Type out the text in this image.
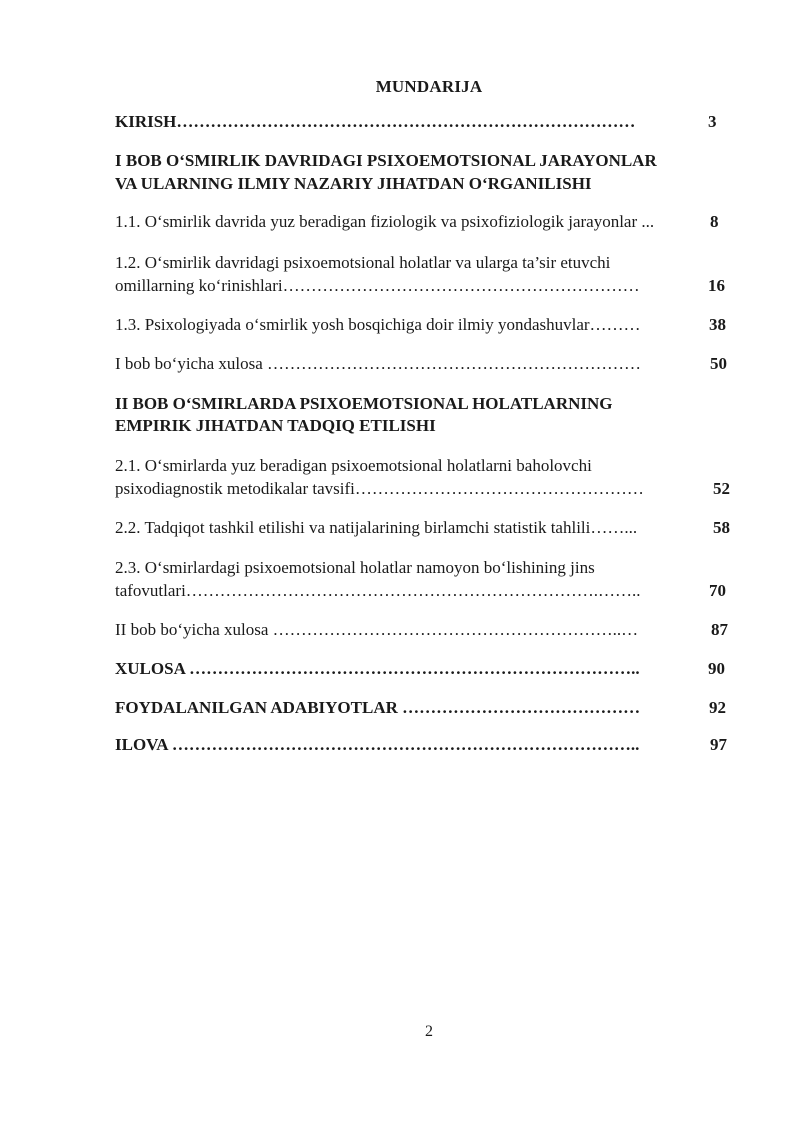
MUNDARIJA
KIRISH………………………………………………………………………	3
I BOB O‘SMIRLIK DAVRIDAGI PSIXOEMOTSIONAL JARAYONLAR
VA ULARNING ILMIY NAZARIY JIHATDAN O‘RGANILISHI
1.1. O‘smirlik davrida yuz beradigan fiziologik va psixofiziologik jarayonlar ...	8
1.2. O‘smirlik davridagi psixoemotsional holatlar va ularga ta’sir etuvchi
omillarning ko‘rinishlari………………………………………………………	16
1.3. Psixologiyada o‘smirlik yosh bosqichiga doir ilmiy yondashuvlar………	38
I bob bo‘yicha xulosa …………………………………………………………	50
II BOB O‘SMIRLARDA PSIXOEMOTSIONAL HOLATLARNING
EMPIRIK JIHATDAN TADQIQ ETILISHI
2.1. O‘smirlarda yuz beradigan psixoemotsional holatlarni baholovchi
psixodiagnostik metodikalar tavsifi……………………………………………	52
2.2. Tadqiqot tashkil etilishi va natijalarining birlamchi statistik tahlili……...	58
2.3. O‘smirlardagi psixoemotsional holatlar namoyon bo‘lishining jins
tafovutlari……………………………………………………………….……..	70
II bob bo‘yicha xulosa ……………………………………………………..…	87
XULOSA ……………………………………………………………………..	90
FOYDALANILGAN ADABIYOTLAR ……………………………………	92
ILOVA ………………………………………………………………………..	97
2
